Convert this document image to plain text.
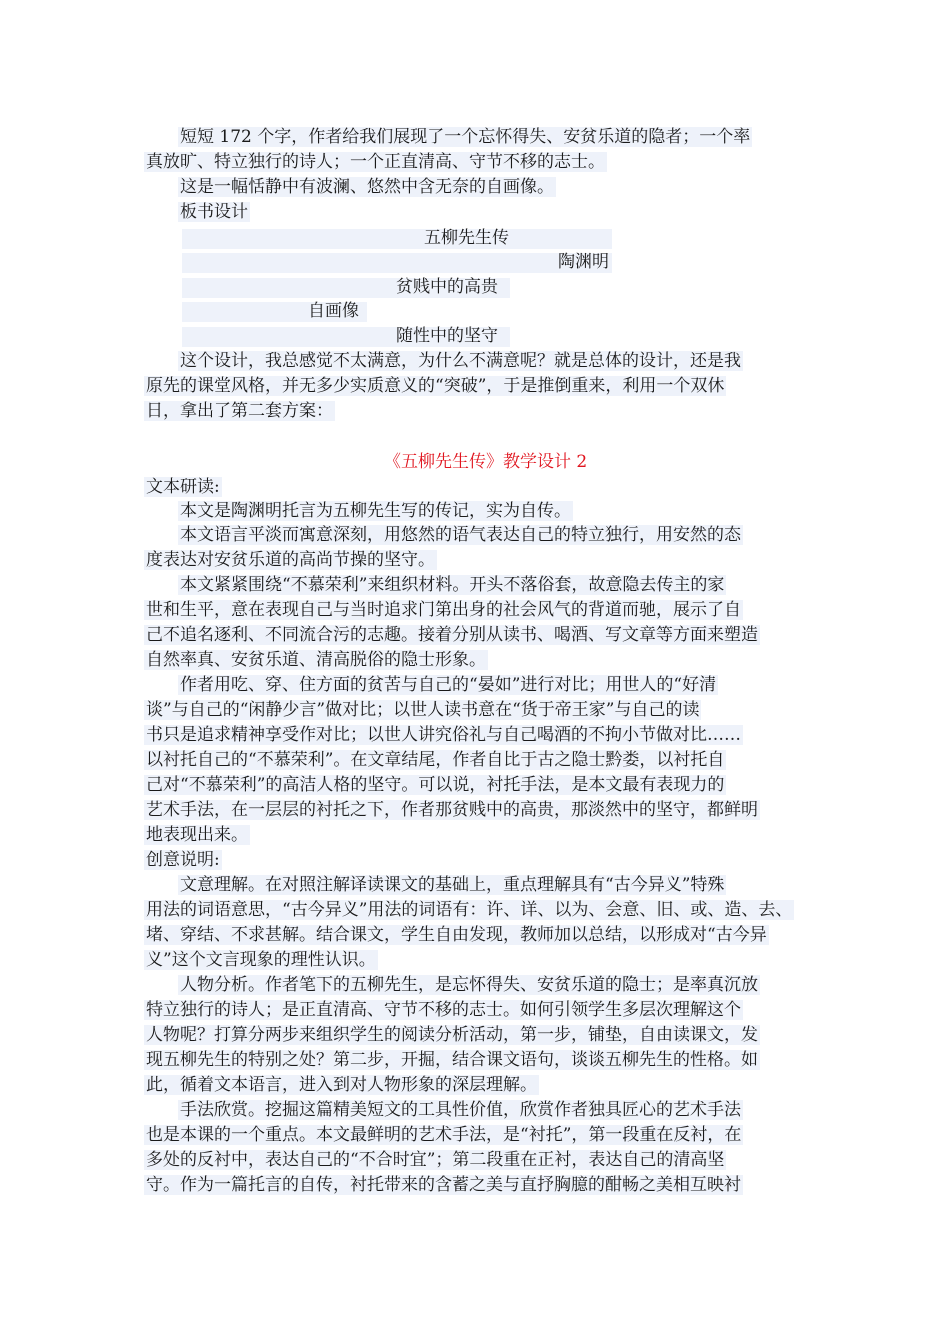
短短 172 个字，作者给我们展现了一个忘怀得失、安贫乐道的隐者；一个率
真放旷、特立独行的诗人；一个正直清高、守节不移的志士。
这是一幅恬静中有波澜、悠然中含无奈的自画像。
板书设计
五柳先生传
陶渊明
贫贱中的高贵
自画像
随性中的坚守
这个设计，我总感觉不太满意，为什么不满意呢？就是总体的设计，还是我
原先的课堂风格，并无多少实质意义的“突破”，于是推倒重来，利用一个双休
日，拿出了第二套方案：
《五柳先生传》教学设计 2
文本研读:
本文是陶渊明托言为五柳先生写的传记，实为自传。
本文语言平淡而寓意深刻，用悠然的语气表达自己的特立独行，用安然的态
度表达对安贫乐道的高尚节操的坚守。
本文紧紧围绕“不慕荣利”来组织材料。开头不落俗套，故意隐去传主的家
世和生平，意在表现自己与当时追求门第出身的社会风气的背道而驰，展示了自
己不追名逐利、不同流合污的志趣。接着分别从读书、喝酒、写文章等方面来塑造
自然率真、安贫乐道、清高脱俗的隐士形象。
作者用吃、穿、住方面的贫苦与自己的“晏如”进行对比；用世人的“好清
谈”与自己的“闲静少言”做对比；以世人读书意在“货于帝王家”与自己的读
书只是追求精神享受作对比；以世人讲究俗礼与自己喝酒的不拘小节做对比……
以衬托自己的“不慕荣利”。在文章结尾，作者自比于古之隐士黔娄，以衬托自
己对“不慕荣利”的高洁人格的坚守。可以说，衬托手法，是本文最有表现力的
艺术手法，在一层层的衬托之下，作者那贫贱中的高贵，那淡然中的坚守，都鲜明
地表现出来。
创意说明:
文意理解。在对照注解译读课文的基础上，重点理解具有“古今异义”特殊
用法的词语意思，“古今异义”用法的词语有：许、详、以为、会意、旧、或、造、去、
堵、穿结、不求甚解。结合课文，学生自由发现，教师加以总结，以形成对“古今异
义”这个文言现象的理性认识。
人物分析。作者笔下的五柳先生，是忘怀得失、安贫乐道的隐士；是率真沉放
特立独行的诗人；是正直清高、守节不移的志士。如何引领学生多层次理解这个
人物呢？打算分两步来组织学生的阅读分析活动，第一步，铺垫，自由读课文，发
现五柳先生的特别之处？第二步，开掘，结合课文语句，谈谈五柳先生的性格。如
此，循着文本语言，进入到对人物形象的深层理解。
手法欣赏。挖掘这篇精美短文的工具性价值，欣赏作者独具匠心的艺术手法
也是本课的一个重点。本文最鲜明的艺术手法，是“衬托”，第一段重在反衬，在
多处的反衬中，表达自己的“不合时宜”；第二段重在正衬，表达自己的清高坚
守。作为一篇托言的自传，衬托带来的含蓄之美与直抒胸臆的酣畅之美相互映衬
